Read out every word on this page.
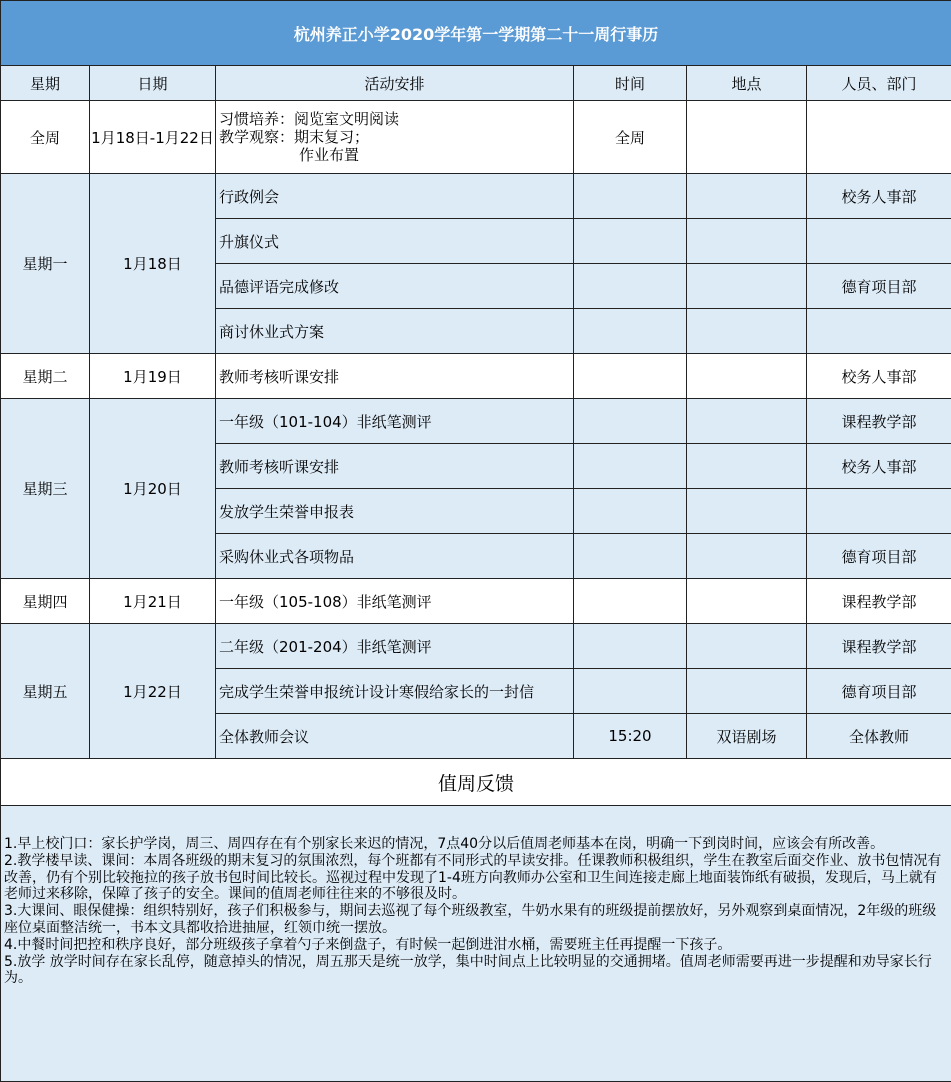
杭州养正小学2020学年第一学期第二十一周行事历					
星期	日期	活动安排	时间	地点	人员、部门
全周	1月18日-1月22日	习惯培养：阅览室文明阅读
教学观察：期末复习；
作业布置	全周		
星期一	1月18日	行政例会			校务人事部
		升旗仪式			
		品德评语完成修改			德育项目部
		商讨休业式方案			
星期二	1月19日	教师考核听课安排			校务人事部
星期三	1月20日	一年级（101-104）非纸笔测评			课程教学部
		教师考核听课安排			校务人事部
		发放学生荣誉申报表			
		采购休业式各项物品			德育项目部
星期四	1月21日	一年级（105-108）非纸笔测评			课程教学部
星期五	1月22日	二年级（201-204）非纸笔测评			课程教学部
		完成学生荣誉申报统计设计寒假给家长的一封信			德育项目部
		全体教师会议	15:20	双语剧场	全体教师
值周反馈					

1.早上校门口：家长护学岗，周三、周四存在有个别家长来迟的情况，7点40分以后值周老师基本在岗，明确一下到岗时间，应该会有所改善。

2.教学楼早读、课间：本周各班级的期末复习的氛围浓烈，每个班都有不同形式的早读安排。任课教师积极组织，学生在教室后面交作业、放书包情况有改善，仍有个别比较拖拉的孩子放书包时间比较长。巡视过程中发现了1-4班方向教师办公室和卫生间连接走廊上地面装饰纸有破损，发现后，马上就有老师过来移除，保障了孩子的安全。课间的值周老师往往来的不够很及时。

3.大课间、眼保健操：组织特别好，孩子们积极参与，期间去巡视了每个班级教室，牛奶水果有的班级提前摆放好，另外观察到桌面情况，2年级的班级座位桌面整洁统一，书本文具都收拾进抽屉，红领巾统一摆放。

4.中餐时间把控和秩序良好，部分班级孩子拿着勺子来倒盘子，有时候一起倒进泔水桶，需要班主任再提醒一下孩子。

5.放学 放学时间存在家长乱停，随意掉头的情况，周五那天是统一放学，集中时间点上比较明显的交通拥堵。值周老师需要再进一步提醒和劝导家长行为。					
